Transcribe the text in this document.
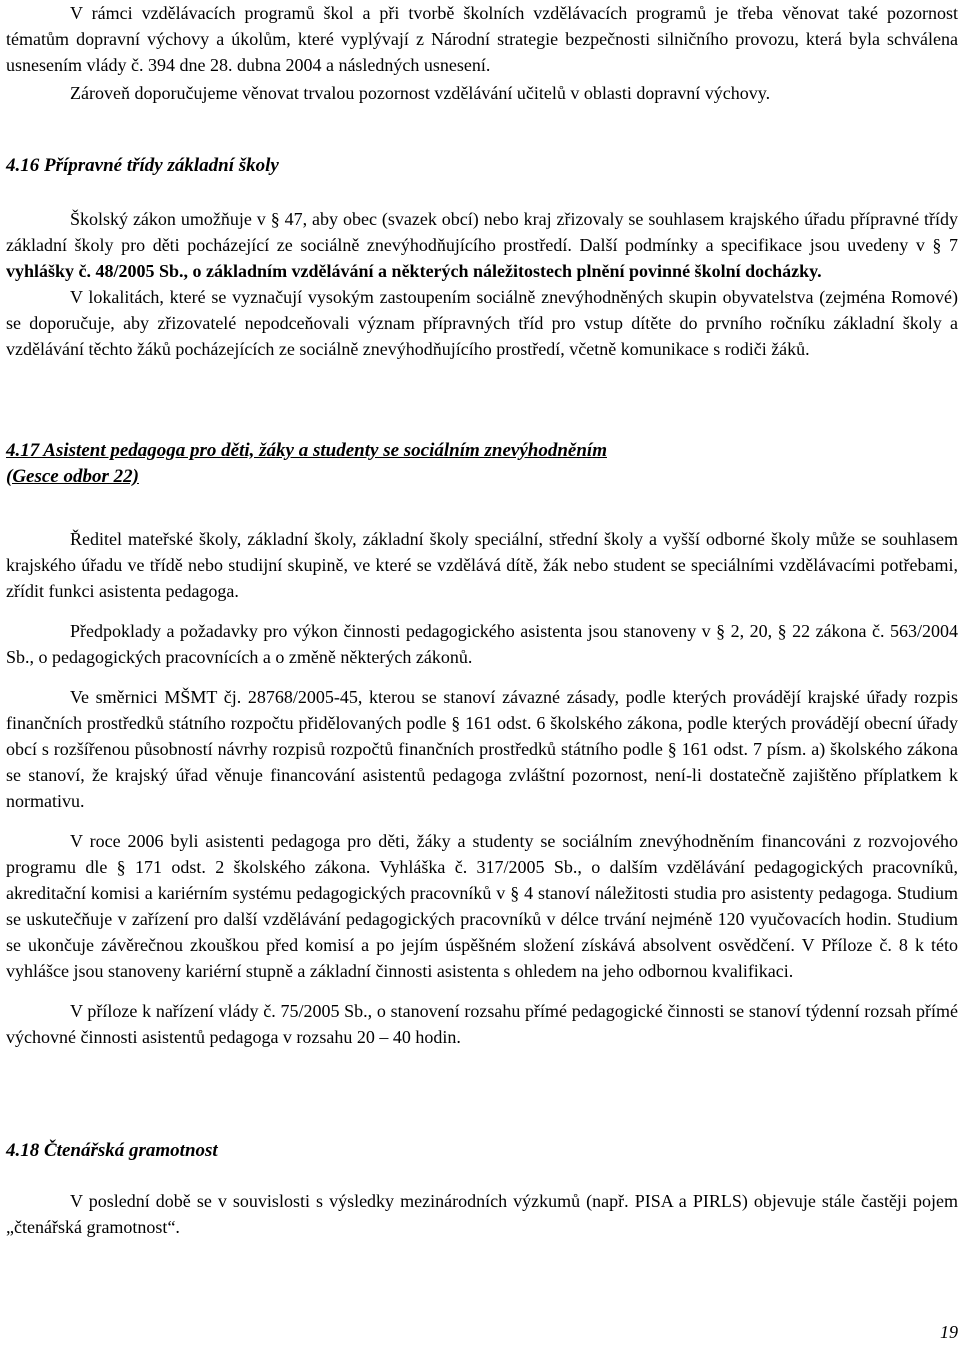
V rámci vzdělávacích programů škol a při tvorbě školních vzdělávacích programů je třeba věnovat také pozornost tématům dopravní výchovy a úkolům, které vyplývají z Národní strategie bezpečnosti silničního provozu, která byla schválena usnesením vlády č. 394 dne 28. dubna 2004 a následných usnesení.

Zároveň doporučujeme věnovat trvalou pozornost vzdělávání učitelů v oblasti dopravní výchovy.

4.16 Přípravné třídy základní školy

Školský zákon umožňuje v § 47, aby obec (svazek obcí) nebo kraj zřizovaly se souhlasem krajského úřadu přípravné třídy základní školy pro děti pocházející ze sociálně znevýhodňujícího prostředí. Další podmínky a specifikace jsou uvedeny v § 7 vyhlášky č. 48/2005 Sb., o základním vzdělávání a některých náležitostech plnění povinné školní docházky.

V lokalitách, které se vyznačují vysokým zastoupením sociálně znevýhodněných skupin obyvatelstva (zejména Romové) se doporučuje, aby zřizovatelé nepodceňovali význam přípravných tříd pro vstup dítěte do prvního ročníku základní školy a vzdělávání těchto žáků pocházejících ze sociálně znevýhodňujícího prostředí, včetně komunikace s rodiči žáků.

4.17 Asistent pedagoga pro děti, žáky a studenty se sociálním znevýhodněním
(Gesce odbor 22)

Ředitel mateřské školy, základní školy, základní školy speciální, střední školy a vyšší odborné školy může se souhlasem krajského úřadu ve třídě nebo studijní skupině, ve které se vzdělává dítě, žák nebo student se speciálními vzdělávacími potřebami, zřídit funkci asistenta pedagoga.

Předpoklady a požadavky pro výkon činnosti pedagogického asistenta jsou stanoveny v § 2, 20, § 22 zákona č. 563/2004 Sb., o pedagogických pracovnících a o změně některých zákonů.

Ve směrnici MŠMT čj. 28768/2005-45, kterou se stanoví závazné zásady, podle kterých provádějí krajské úřady rozpis finančních prostředků státního rozpočtu přidělovaných podle § 161 odst. 6 školského zákona, podle kterých provádějí obecní úřady obcí s rozšířenou působností návrhy rozpisů rozpočtů finančních prostředků státního podle § 161 odst. 7 písm. a) školského zákona se stanoví, že krajský úřad věnuje financování asistentů pedagoga zvláštní pozornost, není-li dostatečně zajištěno příplatkem k normativu.

V roce 2006 byli asistenti pedagoga pro děti, žáky a studenty se sociálním znevýhodněním financováni z rozvojového programu dle § 171 odst. 2 školského zákona. Vyhláška č. 317/2005 Sb., o dalším vzdělávání pedagogických pracovníků, akreditační komisi a kariérním systému pedagogických pracovníků v § 4 stanoví náležitosti studia pro asistenty pedagoga. Studium se uskutečňuje v zařízení pro další vzdělávání pedagogických pracovníků v délce trvání nejméně 120 vyučovacích hodin. Studium se ukončuje závěrečnou zkouškou před komisí a po jejím úspěšném složení získává absolvent osvědčení. V Příloze č. 8 k této vyhlášce jsou stanoveny kariérní stupně a základní činnosti asistenta s ohledem na jeho odbornou kvalifikaci.

V příloze k nařízení vlády č. 75/2005 Sb., o stanovení rozsahu přímé pedagogické činnosti se stanoví týdenní rozsah přímé výchovné činnosti asistentů pedagoga v rozsahu 20 – 40 hodin.

4.18 Čtenářská gramotnost

V poslední době se v souvislosti s výsledky mezinárodních výzkumů (např. PISA a PIRLS) objevuje stále častěji pojem „čtenářská gramotnost“.

19
